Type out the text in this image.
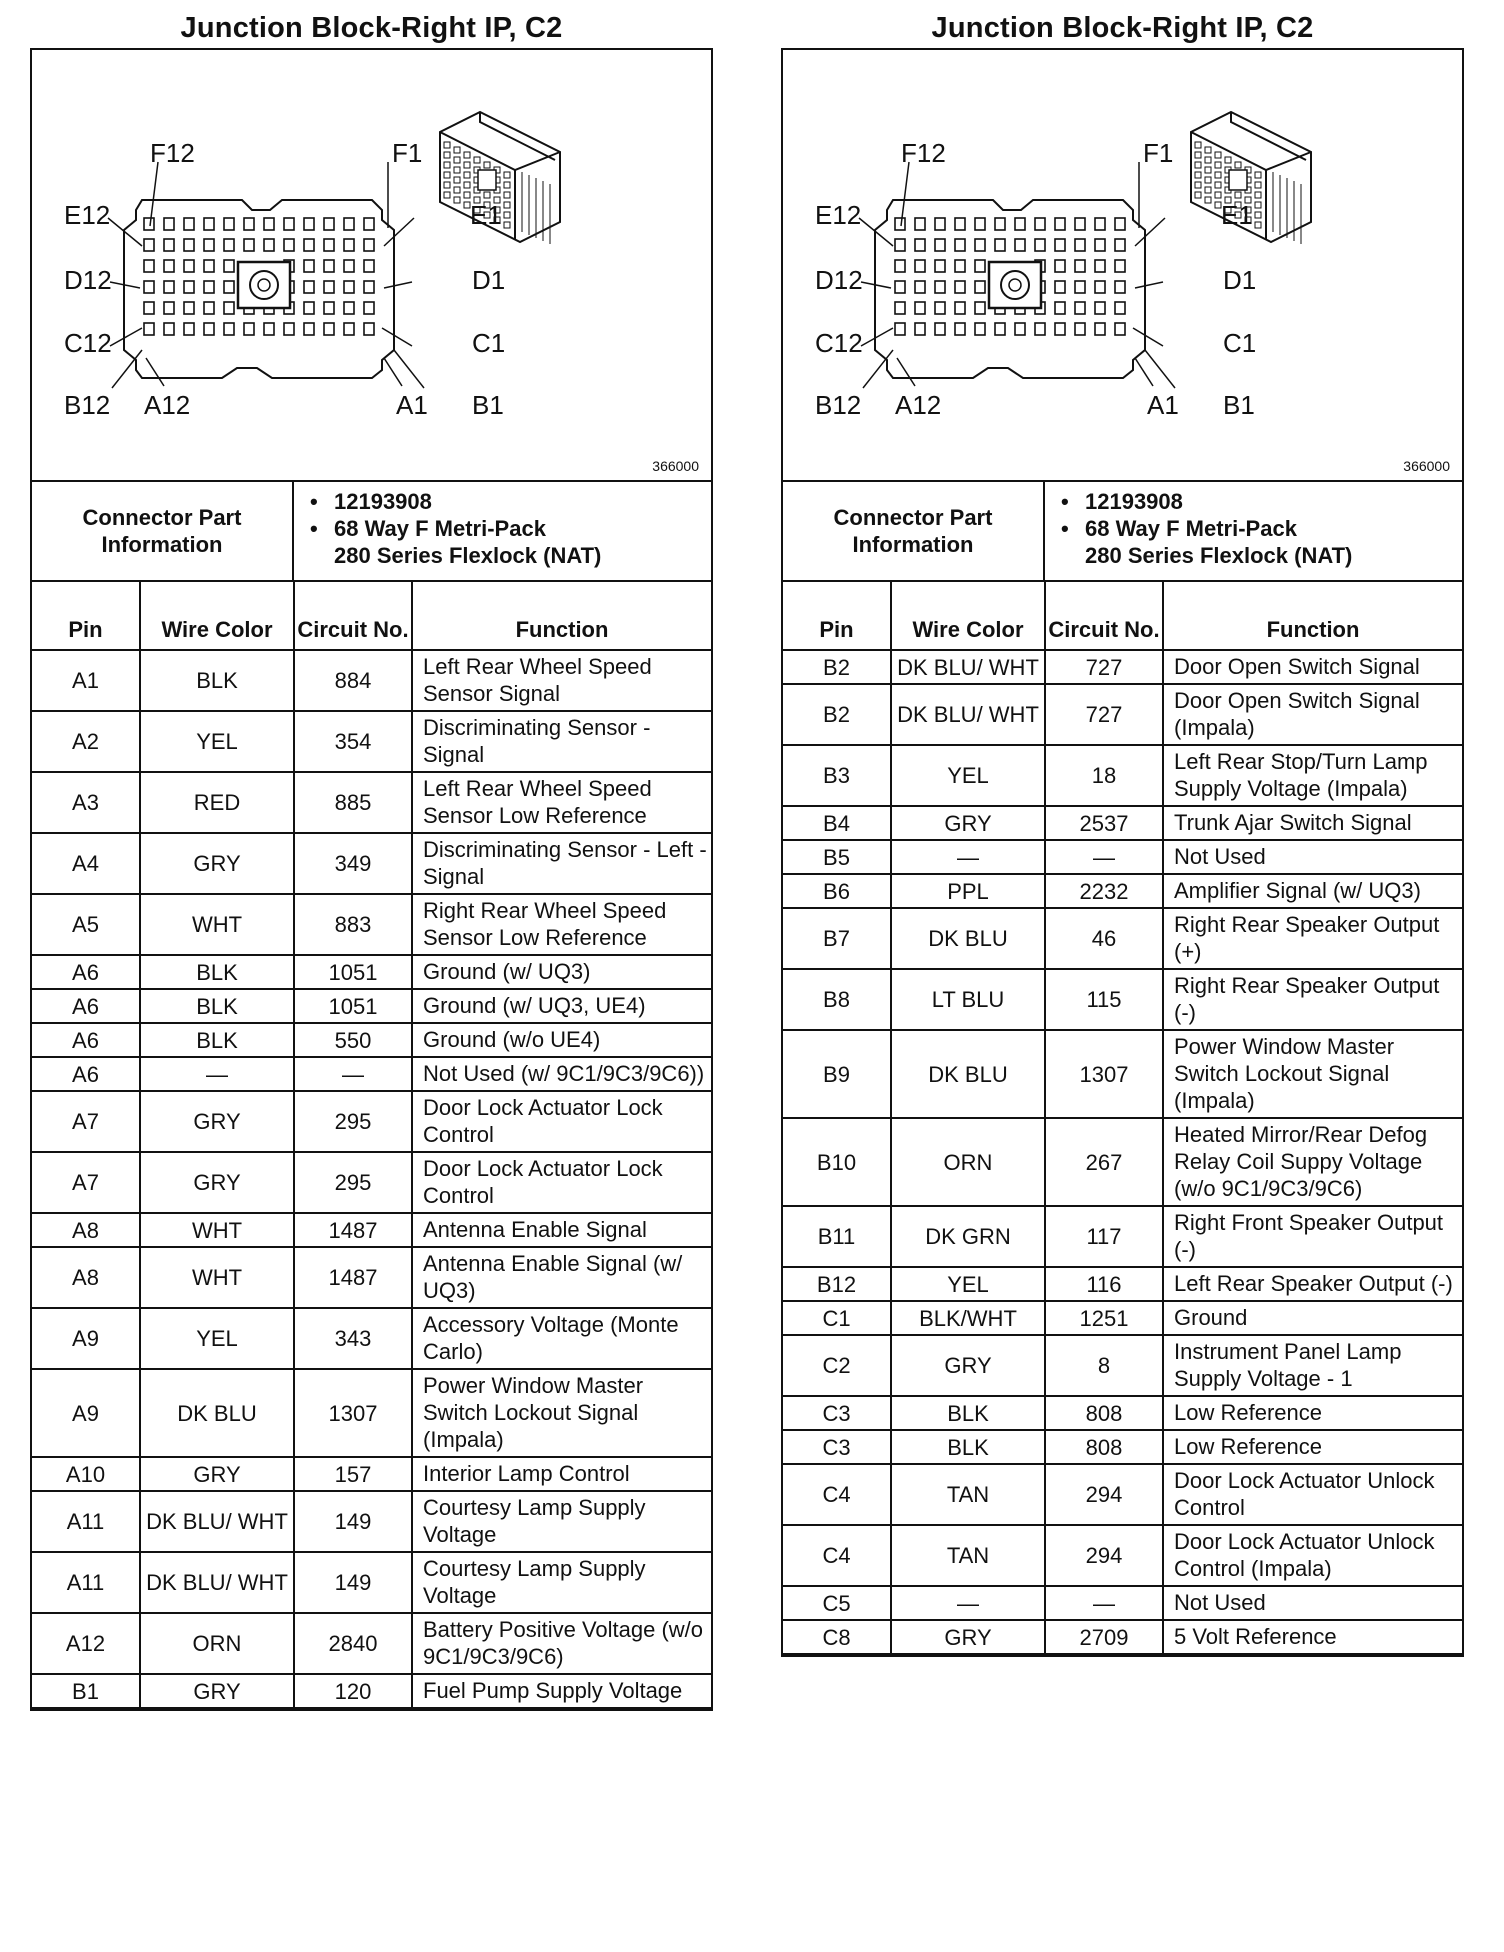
Junction Block-Right IP, C2
F12	F1
E12	E1
D12	D1
C12	C1
B12 A12	A1 B1
366000
Connector Part Information
• 12193908
• 68 Way F Metri-Pack
280 Series Flexlock (NAT)
Pin	Wire Color	Circuit No.	Function
A1	BLK	884	Left Rear Wheel Speed Sensor Signal
A2	YEL	354	Discriminating Sensor - Signal
A3	RED	885	Left Rear Wheel Speed Sensor Low Reference
A4	GRY	349	Discriminating Sensor - Left - Signal
A5	WHT	883	Right Rear Wheel Speed Sensor Low Reference
A6	BLK	1051	Ground (w/ UQ3)
A6	BLK	1051	Ground (w/ UQ3, UE4)
A6	BLK	550	Ground (w/o UE4)
A6	—	—	Not Used (w/ 9C1/9C3/9C6))
A7	GRY	295	Door Lock Actuator Lock Control
A7	GRY	295	Door Lock Actuator Lock Control
A8	WHT	1487	Antenna Enable Signal
A8	WHT	1487	Antenna Enable Signal (w/ UQ3)
A9	YEL	343	Accessory Voltage (Monte Carlo)
A9	DK BLU	1307	Power Window Master Switch Lockout Signal (Impala)
A10	GRY	157	Interior Lamp Control
A11	DK BLU/ WHT	149	Courtesy Lamp Supply Voltage
A11	DK BLU/ WHT	149	Courtesy Lamp Supply Voltage
A12	ORN	2840	Battery Positive Voltage (w/o 9C1/9C3/9C6)
B1	GRY	120	Fuel Pump Supply Voltage
Junction Block-Right IP, C2
F12	F1
E12	E1
D12	D1
C12	C1
B12 A12	A1 B1
366000
Connector Part Information
• 12193908
• 68 Way F Metri-Pack
280 Series Flexlock (NAT)
Pin	Wire Color	Circuit No.	Function
B2	DK BLU/ WHT	727	Door Open Switch Signal
B2	DK BLU/ WHT	727	Door Open Switch Signal (Impala)
B3	YEL	18	Left Rear Stop/Turn Lamp Supply Voltage (Impala)
B4	GRY	2537	Trunk Ajar Switch Signal
B5	—	—	Not Used
B6	PPL	2232	Amplifier Signal (w/ UQ3)
B7	DK BLU	46	Right Rear Speaker Output (+)
B8	LT BLU	115	Right Rear Speaker Output (-)
B9	DK BLU	1307	Power Window Master Switch Lockout Signal (Impala)
B10	ORN	267	Heated Mirror/Rear Defog Relay Coil Suppy Voltage (w/o 9C1/9C3/9C6)
B11	DK GRN	117	Right Front Speaker Output (-)
B12	YEL	116	Left Rear Speaker Output (-)
C1	BLK/WHT	1251	Ground
C2	GRY	8	Instrument Panel Lamp Supply Voltage - 1
C3	BLK	808	Low Reference
C3	BLK	808	Low Reference
C4	TAN	294	Door Lock Actuator Unlock Control
C4	TAN	294	Door Lock Actuator Unlock Control (Impala)
C5	—	—	Not Used
C8	GRY	2709	5 Volt Reference
